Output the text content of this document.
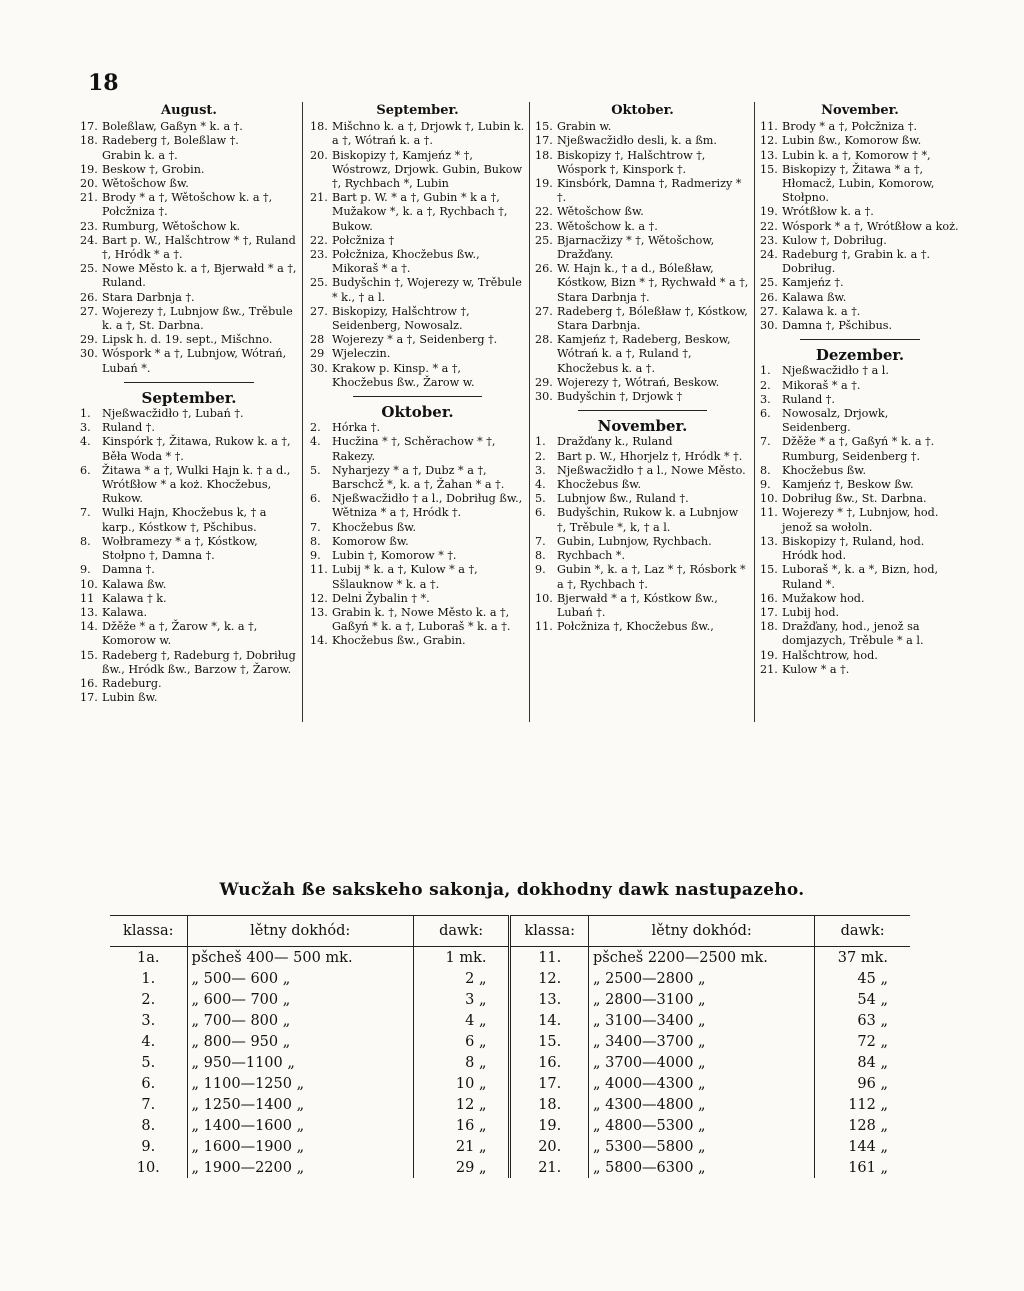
18
August.
17. Boleßlaw, Gaßyn * k. a †.
18. Radeberg †, Boleßlaw †.
Grabin k. a †.
19. Beskow †, Grobin.
20. Wětošchow ßw.
21. Brody * a †, Wětošchow k. a †, Połcžniza †.
23. Rumburg, Wětošchow k.
24. Bart p. W., Halšchtrow * †, Ruland †, Hródk * a †.
25. Nowe Město k. a †, Bjerwałd * a †, Ruland.
26. Stara Darbnja †.
27. Wojerezy †, Lubnjow ßw., Trěbule k. a †, St. Darbna.
29. Lipsk h. d. 19. sept., Mišchno.
30. Wóspork * a †, Lubnjow, Wótrań, Lubań *.
September.
1.	Njeßwacžidło †, Lubań †.
3.	Ruland †.
4.	Kinspórk †, Žitawa, Rukow k. a †, Běła Woda * †.
6.	Žitawa * a †, Wulki Hajn k. † a d., Wrótßłow * a koż. Khocžebus, Rukow.
7.	Wulki Hajn, Khocžebus k, † a karp., Kóstkow †, Pšchibus.
8.	Wołbramezy * a †, Kóstkow, Stołpno †, Damna †.
9.	Damna †.
10. Kalawa ßw.
11 Kalawa † k.
13. Kalawa.
14. Džěže * a †, Žarow *, k. a †, Komorow w.
15. Radeberg †, Radeburg †, Dobriług ßw., Hródk ßw., Barzow †, Žarow.
16. Radeburg.
17. Lubin ßw.
September.
18. Mišchno k. a †, Drjowk †, Lubin k. a †, Wótrań k. a †.
20. Biskopizy †, Kamjeńz * †, Wóstrowz, Drjowk. Gubin, Bukow †, Rychbach *, Lubin
21. Bart p. W. * a †, Gubin * k a †, Mužakow *, k. a †, Rychbach †, Bukow.
22. Połcžniza †
23. Połcžniza, Khocžebus ßw., Mikoraš * a †.
25. Budyšchin †, Wojerezy w, Trěbule * k., † a l.
27. Biskopizy, Halšchtrow †, Seidenberg, Nowosalz.
28 Wojerezy * a †, Seidenberg †.
29 Wjeleczin.
30. Krakow p. Kinsp. * a †, Khocžebus ßw., Žarow w.
Oktober.
2.	Hórka †.
4.	Hucžina * †, Schěrachow * †, Rakezy.
5.	Nyharjezy * a †, Dubz * a †, Barschcž *, k. a †, Žahan * a †.
6.	Njeßwacžidło † a l., Dobriług ßw., Wětniza * a †, Hródk †.
7.	Khocžebus ßw.
8.	Komorow ßw.
9.	Lubin †, Komorow * †.
11. Lubij * k. a †, Kulow * a †, Sšlauknow * k. a †.
12. Delni Žybalin † *.
13. Grabin k. †, Nowe Město k. a †, Gaßyń * k. a †, Luboraš * k. a †.
14. Khocžebus ßw., Grabin.
Oktober.
15. Grabin w.
17. Njeßwacžidło desli, k. a ßm.
18. Biskopizy †, Halšchtrow †, Wóspork †, Kinspork †.
19. Kinsbórk, Damna †, Radmerizy * †.
22. Wětošchow ßw.
23. Wětošchow k. a †.
25. Bjarnacžizy * †, Wětošchow, Dražďany.
26. W. Hajn k., † a d., Bóleßław, Kóstkow, Bizn * †, Rychwałd * a †, Stara Darbnja †.
27. Radeberg †, Bóleßław †, Kóstkow, Stara Darbnja.
28. Kamjeńz †, Radeberg, Beskow, Wótrań k. a †, Ruland †, Khocžebus k. a †.
29. Wojerezy †, Wótrań, Beskow.
30. Budyšchin †, Drjowk †
November.
1.	Dražďany k., Ruland
2.	Bart p. W., Hhorjelz †, Hródk * †.
3.	Njeßwacžidło † a l., Nowe Město.
4.	Khocžebus ßw.
5.	Lubnjow ßw., Ruland †.
6.	Budyšchin, Rukow k. a Lubnjow †, Trěbule *, k, † a l.
7.	Gubin, Lubnjow, Rychbach.
8.	Rychbach *.
9.	Gubin *, k. a †, Laz * †, Rósbork * a †, Rychbach †.
10. Bjerwałd * a †, Kóstkow ßw., Lubań †.
11. Połcžniza †, Khocžebus ßw.,
November.
11. Brody * a †, Połcžniza †.
12. Lubin ßw., Komorow ßw.
13. Lubin k. a †, Komorow † *,
15. Biskopizy †, Žitawa * a †, Hłomacž, Lubin, Komorow, Stołpno.
19. Wrótßłow k. a †.
22. Wóspork * a †, Wrótßłow a koż.
23. Kulow †, Dobriług.
24. Radeburg †, Grabin k. a †. Dobriług.
25. Kamjeńz †.
26. Kalawa ßw.
27. Kalawa k. a †.
30. Damna †, Pšchibus.
Dezember.
1.	Njeßwacžidło † a l.
2.	Mikoraš * a †.
3.	Ruland †.
6.	Nowosalz, Drjowk, Seidenberg.
7.	Džěže * a †, Gaßyń * k. a †. Rumburg, Seidenberg †.
8.	Khocžebus ßw.
9.	Kamjeńz †, Beskow ßw.
10. Dobriług ßw., St. Darbna.
11. Wojerezy * †, Lubnjow, hod. jenož sa wołoln.
13. Biskopizy †, Ruland, hod. Hródk hod.
15. Luboraš *, k. a *, Bizn, hod, Ruland *.
16. Mužakow hod.
17. Lubij hod.
18. Dražďany, hod., jenož sa domjazych, Trěbule * a l.
19. Halšchtrow, hod.
21. Kulow * a †.
Wucžah ße sakskeho sakonja, dokhodny dawk nastupazeho.
klassa:	lětny dokhód:	dawk:	klassa:	lětny dokhód:	dawk:
1a.	pšcheš 400— 500 mk.	1 mk.	11.	pšcheš 2200—2500 mk.	37 mk.
1.	„ 500— 600 „	2 „	12.	„ 2500—2800 „	45 „
2.	„ 600— 700 „	3 „	13.	„ 2800—3100 „	54 „
3.	„ 700— 800 „	4 „	14.	„ 3100—3400 „	63 „
4.	„ 800— 950 „	6 „	15.	„ 3400—3700 „	72 „
5.	„ 950—1100 „	8 „	16.	„ 3700—4000 „	84 „
6.	„ 1100—1250 „	10 „	17.	„ 4000—4300 „	96 „
7.	„ 1250—1400 „	12 „	18.	„ 4300—4800 „	112 „
8.	„ 1400—1600 „	16 „	19.	„ 4800—5300 „	128 „
9.	„ 1600—1900 „	21 „	20.	„ 5300—5800 „	144 „
10.	„ 1900—2200 „	29 „	21.	„ 5800—6300 „	161 „
